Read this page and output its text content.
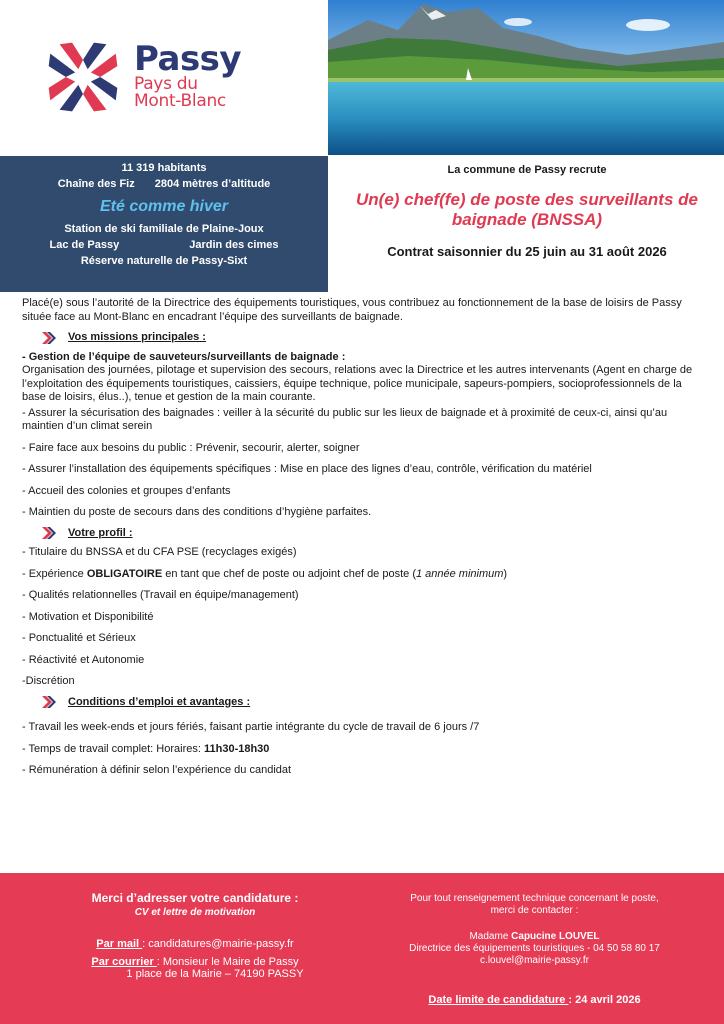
Passy
Pays du
Mont-Blanc
11 319 habitants
Chaîne des Fiz 2804 mètres d’altitude
Eté comme hiver
Station de ski familiale de Plaine-Joux
Lac de Passy	Jardin des cimes
Réserve naturelle de Passy-Sixt
La commune de Passy recrute
Un(e) chef(fe) de poste des surveillants de baignade (BNSSA)
Contrat saisonnier du 25 juin au 31 août 2026

Placé(e) sous l’autorité de la Directrice des équipements touristiques, vous contribuez au fonctionnement de la base de loisirs de Passy située face au Mont-Blanc en encadrant l’équipe des surveillants de baignade.

Vos missions principales :
- Gestion de l’équipe de sauveteurs/surveillants de baignade :
Organisation des journées, pilotage et supervision des secours, relations avec la Directrice et les autres intervenants (Agent en charge de l’exploitation des équipements touristiques, caissiers, équipe technique, police municipale, sapeurs-pompiers, socioprofessionnels de la base de loisirs, élus..), tenue et gestion de la main courante.
- Assurer la sécurisation des baignades : veiller à la sécurité du public sur les lieux de baignade et à proximité de ceux-ci, ainsi qu’au maintien d’un climat serein
- Faire face aux besoins du public : Prévenir, secourir, alerter, soigner
- Assurer l’installation des équipements spécifiques : Mise en place des lignes d’eau, contrôle, vérification du matériel
- Accueil des colonies et groupes d’enfants
- Maintien du poste de secours dans des conditions d’hygiène parfaites.
Votre profil :
- Titulaire du BNSSA et du CFA PSE (recyclages exigés)
- Expérience OBLIGATOIRE en tant que chef de poste ou adjoint chef de poste (1 année minimum)
- Qualités relationnelles (Travail en équipe/management)
- Motivation et Disponibilité
- Ponctualité et Sérieux
- Réactivité et Autonomie
-Discrétion
Conditions d’emploi et avantages :
- Travail les week-ends et jours fériés, faisant partie intégrante du cycle de travail de 6 jours /7
- Temps de travail complet: Horaires: 11h30-18h30
- Rémunération à définir selon l’expérience du candidat
Merci d’adresser votre candidature :
CV et lettre de motivation
Par mail : candidatures@mairie-passy.fr
Par courrier : Monsieur le Maire de Passy
1 place de la Mairie – 74190 PASSY
Pour tout renseignement technique concernant le poste,
merci de contacter :
Madame Capucine LOUVEL
Directrice des équipements touristiques - 04 50 58 80 17
c.louvel@mairie-passy.fr
Date limite de candidature : 24 avril 2026
